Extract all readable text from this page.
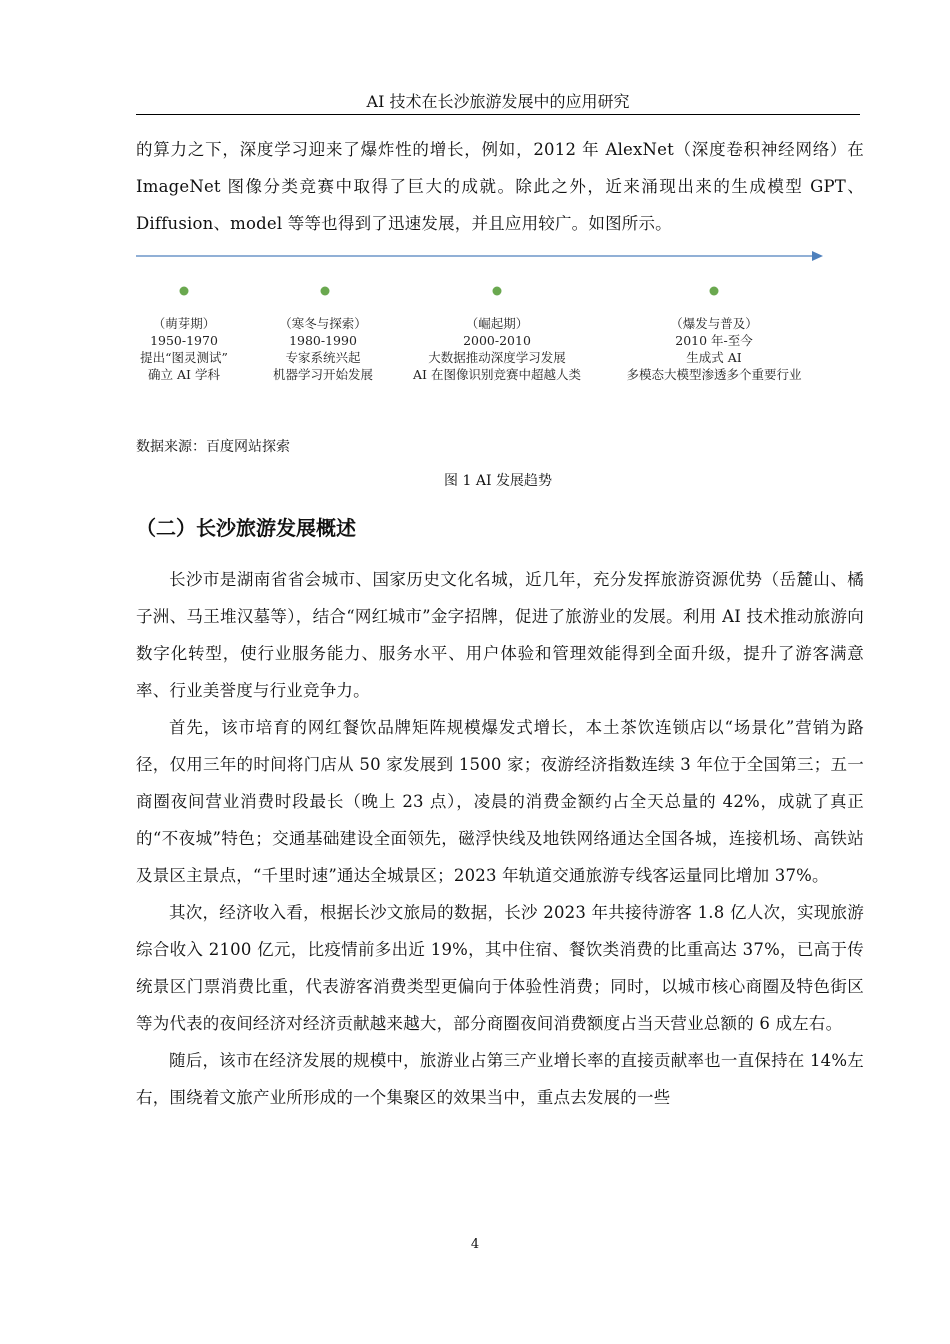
AI 技术在长沙旅游发展中的应用研究
的算力之下，深度学习迎来了爆炸性的增长，例如，2012 年 AlexNet（深度卷积神经网络）在 ImageNet 图像分类竞赛中取得了巨大的成就。除此之外，近来涌现出来的生成模型 GPT、Diffusion、model 等等也得到了迅速发展，并且应用较广。如图所示。
（萌芽期）
1950-1970
提出“图灵测试”
确立 AI 学科
（寒冬与探索）
1980-1990
专家系统兴起
机器学习开始发展
（崛起期）
2000-2010
大数据推动深度学习发展
AI 在图像识别竞赛中超越人类
（爆发与普及）
2010 年-至今
生成式 AI
多模态大模型渗透多个重要行业
数据来源：百度网站探索
图 1 AI 发展趋势
（二）长沙旅游发展概述
长沙市是湖南省省会城市、国家历史文化名城，近几年，充分发挥旅游资源优势（岳麓山、橘子洲、马王堆汉墓等），结合“网红城市”金字招牌，促进了旅游业的发展。利用 AI 技术推动旅游向数字化转型，使行业服务能力、服务水平、用户体验和管理效能得到全面升级，提升了游客满意率、行业美誉度与行业竞争力。
首先，该市培育的网红餐饮品牌矩阵规模爆发式增长，本土茶饮连锁店以“场景化”营销为路径，仅用三年的时间将门店从 50 家发展到 1500 家；夜游经济指数连续 3 年位于全国第三；五一商圈夜间营业消费时段最长（晚上 23 点），凌晨的消费金额约占全天总量的 42%，成就了真正的“不夜城”特色；交通基础建设全面领先，磁浮快线及地铁网络通达全国各城，连接机场、高铁站及景区主景点，“千里时速”通达全城景区；2023 年轨道交通旅游专线客运量同比增加 37%。
其次，经济收入看，根据长沙文旅局的数据，长沙 2023 年共接待游客 1.8 亿人次，实现旅游综合收入 2100 亿元，比疫情前多出近 19%，其中住宿、餐饮类消费的比重高达 37%，已高于传统景区门票消费比重，代表游客消费类型更偏向于体验性消费；同时，以城市核心商圈及特色街区等为代表的夜间经济对经济贡献越来越大，部分商圈夜间消费额度占当天营业总额的 6 成左右。
随后，该市在经济发展的规模中，旅游业占第三产业增长率的直接贡献率也一直保持在 14%左右，围绕着文旅产业所形成的一个集聚区的效果当中，重点去发展的一些
4
